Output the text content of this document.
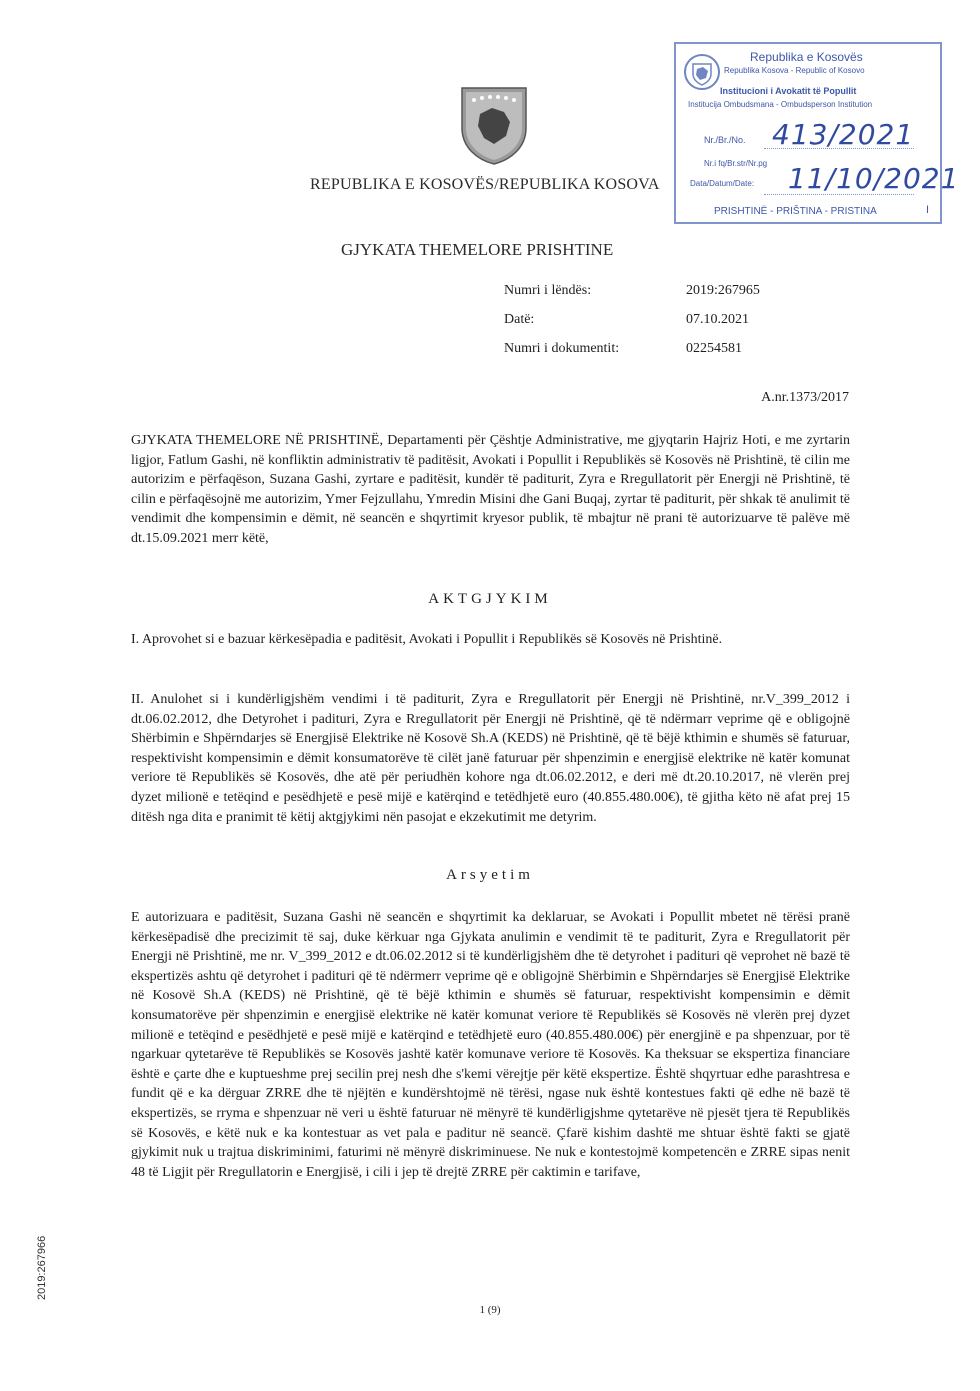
REPUBLIKA E KOSOVËS/REPUBLIKA KOSOVA
Republika e Kosovës
Republika Kosova - Republic of Kosovo
Institucioni i Avokatit të Popullit
Institucija Ombudsmana - Ombudsperson Institution
Nr./Br./No. 413/2021
Nr.i fq/Br.str/Nr.pg
Data/Datum/Date: 11/10/2021
PRISHTINË - PRIŠTINA - PRISTINA	I
GJYKATA THEMELORE PRISHTINE
Numri i lëndës:	2019:267965
Datë:	07.10.2021
Numri i dokumentit:	02254581
A.nr.1373/2017

GJYKATA THEMELORE NË PRISHTINË, Departamenti për Çështje Administrative, me gjyqtarin Hajriz Hoti, e me zyrtarin ligjor, Fatlum Gashi, në konfliktin administrativ të paditësit, Avokati i Popullit i Republikës së Kosovës në Prishtinë, të cilin me autorizim e përfaqëson, Suzana Gashi, zyrtare e paditësit, kundër të paditurit, Zyra e Rregullatorit për Energji në Prishtinë, të cilin e përfaqësojnë me autorizim, Ymer Fejzullahu, Ymredin Misini dhe Gani Buqaj, zyrtar të paditurit, për shkak të anulimit të vendimit dhe kompensimin e dëmit, në seancën e shqyrtimit kryesor publik, të mbajtur në prani të autorizuarve të palëve më dt.15.09.2021 merr këtë,

AKTGJYKIM

I. Aprovohet si e bazuar kërkesëpadia e paditësit, Avokati i Popullit i Republikës së Kosovës në Prishtinë.

II. Anulohet si i kundërligjshëm vendimi i të paditurit, Zyra e Rregullatorit për Energji në Prishtinë, nr.V_399_2012 i dt.06.02.2012, dhe Detyrohet i padituri, Zyra e Rregullatorit për Energji në Prishtinë, që të ndërmarr veprime që e obligojnë Shërbimin e Shpërndarjes së Energjisë Elektrike në Kosovë Sh.A (KEDS) në Prishtinë, që të bëjë kthimin e shumës së faturuar, respektivisht kompensimin e dëmit konsumatorëve të cilët janë faturuar për shpenzimin e energjisë elektrike në katër komunat veriore të Republikës së Kosovës, dhe atë për periudhën kohore nga dt.06.02.2012, e deri më dt.20.10.2017, në vlerën prej dyzet milionë e tetëqind e pesëdhjetë e pesë mijë e katërqind e tetëdhjetë euro (40.855.480.00€), të gjitha këto në afat prej 15 ditësh nga dita e pranimit të këtij aktgjykimi nën pasojat e ekzekutimit me detyrim.

Arsyetim

E autorizuara e paditësit, Suzana Gashi në seancën e shqyrtimit ka deklaruar, se Avokati i Popullit mbetet në tërësi pranë kërkesëpadisë dhe precizimit të saj, duke kërkuar nga Gjykata anulimin e vendimit të te paditurit, Zyra e Rregullatorit për Energji në Prishtinë, me nr. V_399_2012 e dt.06.02.2012 si të kundërligjshëm dhe të detyrohet i padituri që veprohet në bazë të ekspertizës ashtu që detyrohet i padituri që të ndërmerr veprime që e obligojnë Shërbimin e Shpërndarjes së Energjisë Elektrike në Kosovë Sh.A (KEDS) në Prishtinë, që të bëjë kthimin e shumës së faturuar, respektivisht kompensimin e dëmit konsumatorëve për shpenzimin e energjisë elektrike në katër komunat veriore të Republikës së Kosovës në vlerën prej dyzet milionë e tetëqind e pesëdhjetë e pesë mijë e katërqind e tetëdhjetë euro (40.855.480.00€) për energjinë e pa shpenzuar, por të ngarkuar qytetarëve të Republikës se Kosovës jashtë katër komunave veriore të Kosovës. Ka theksuar se ekspertiza financiare është e çarte dhe e kuptueshme prej secilin prej nesh dhe s'kemi vërejtje për këtë ekspertize. Është shqyrtuar edhe parashtresa e fundit që e ka dërguar ZRRE dhe të njëjtën e kundërshtojmë në tërësi, ngase nuk është kontestues fakti që edhe në bazë të ekspertizës, se rryma e shpenzuar në veri u është faturuar në mënyrë të kundërligjshme qytetarëve në pjesët tjera të Republikës së Kosovës, e këtë nuk e ka kontestuar as vet pala e paditur në seancë. Çfarë kishim dashtë me shtuar është fakti se gjatë gjykimit nuk u trajtua diskriminimi, faturimi në mënyrë diskriminuese. Ne nuk e kontestojmë kompetencën e ZRRE sipas nenit 48 të Ligjit për Rregullatorin e Energjisë, i cili i jep të drejtë ZRRE për caktimin e tarifave,

1 (9)
2019:267966
